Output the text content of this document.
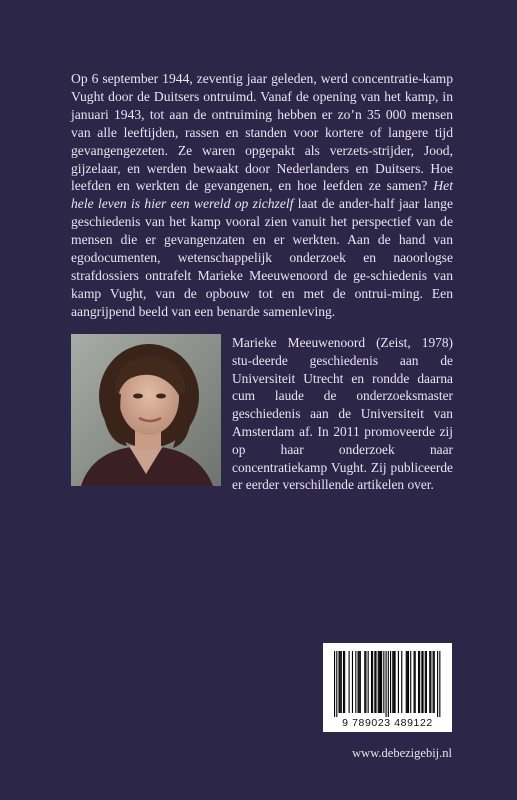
Op 6 september 1944, zeventig jaar geleden, werd concentratie-kamp Vught door de Duitsers ontruimd. Vanaf de opening van het kamp, in januari 1943, tot aan de ontruiming hebben er zo’n 35 000 mensen van alle leeftijden, rassen en standen voor kortere of langere tijd gevangengezeten. Ze waren opgepakt als verzets-strijder, Jood, gijzelaar, en werden bewaakt door Nederlanders en Duitsers. Hoe leefden en werkten de gevangenen, en hoe leefden ze samen? Het hele leven is hier een wereld op zichzelf laat de ander-half jaar lange geschiedenis van het kamp vooral zien vanuit het perspectief van de mensen die er gevangenzaten en er werkten. Aan de hand van egodocumenten, wetenschappelijk onderzoek en naoorlogse strafdossiers ontrafelt Marieke Meeuwenoord de ge-schiedenis van kamp Vught, van de opbouw tot en met de ontrui-ming. Een aangrijpend beeld van een benarde samenleving.

Marieke Meeuwenoord (Zeist, 1978) stu-deerde geschiedenis aan de Universiteit Utrecht en rondde daarna cum laude de onderzoeksmaster geschiedenis aan de Universiteit van Amsterdam af. In 2011 promoveerde zij op haar onderzoek naar concentratiekamp Vught. Zij publiceerde er eerder verschillende artikelen over.

9 789023 489122
www.debezigebij.nl
